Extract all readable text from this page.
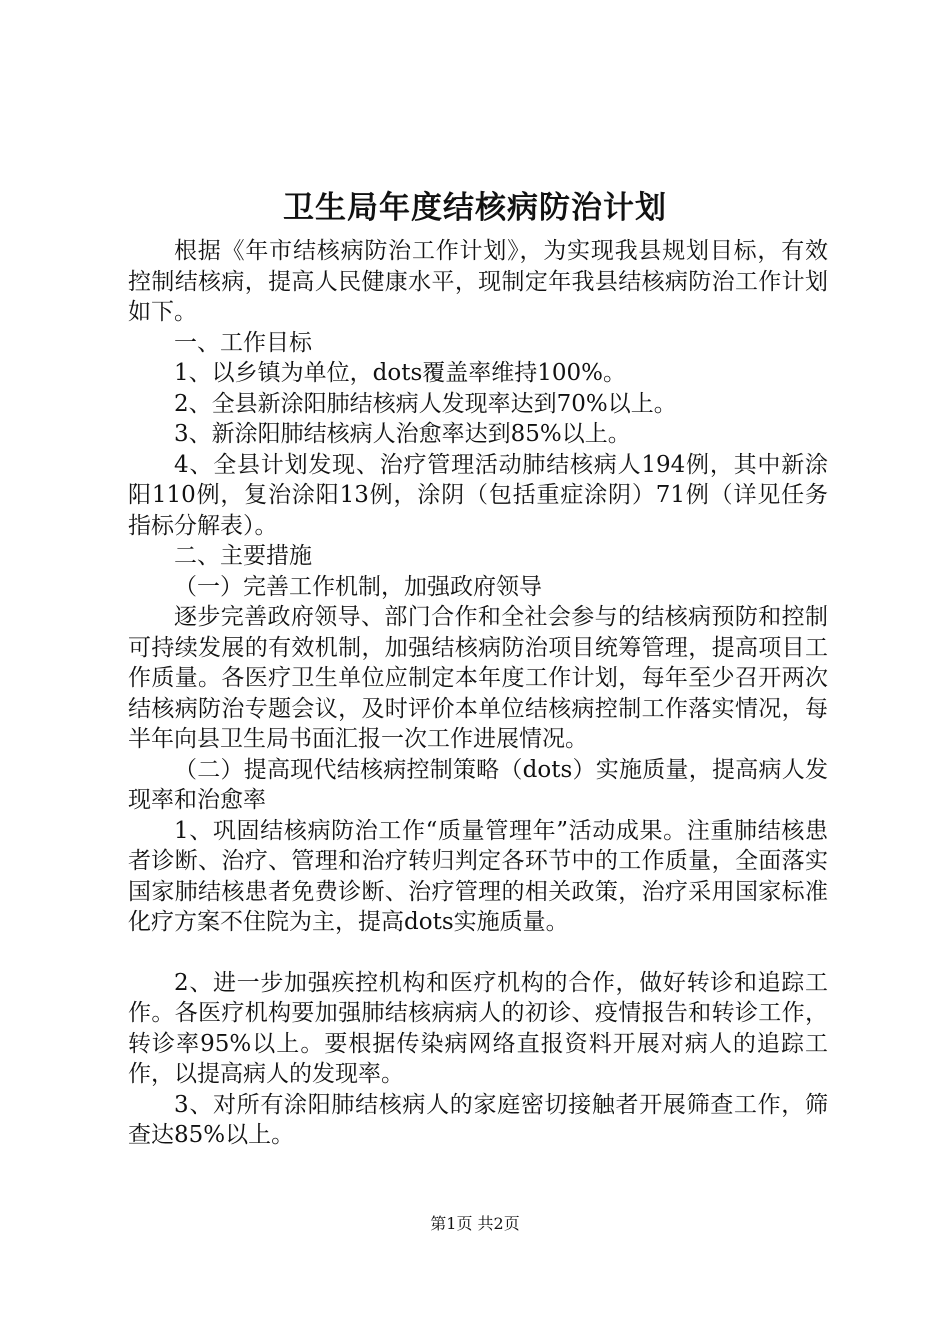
卫生局年度结核病防治计划

根据《年市结核病防治工作计划》，为实现我县规划目标，有效控制结核病，提高人民健康水平，现制定年我县结核病防治工作计划如下。

一、工作目标

1、以乡镇为单位，dots覆盖率维持100%。

2、全县新涂阳肺结核病人发现率达到70%以上。

3、新涂阳肺结核病人治愈率达到85%以上。

4、全县计划发现、治疗管理活动肺结核病人194例，其中新涂阳110例，复治涂阳13例，涂阴（包括重症涂阴）71例（详见任务指标分解表）。

二、主要措施

（一）完善工作机制，加强政府领导

逐步完善政府领导、部门合作和全社会参与的结核病预防和控制可持续发展的有效机制，加强结核病防治项目统筹管理，提高项目工作质量。各医疗卫生单位应制定本年度工作计划，每年至少召开两次结核病防治专题会议，及时评价本单位结核病控制工作落实情况，每半年向县卫生局书面汇报一次工作进展情况。

（二）提高现代结核病控制策略（dots）实施质量，提高病人发现率和治愈率

1、巩固结核病防治工作“质量管理年”活动成果。注重肺结核患者诊断、治疗、管理和治疗转归判定各环节中的工作质量，全面落实国家肺结核患者免费诊断、治疗管理的相关政策，治疗采用国家标准化疗方案不住院为主，提高dots实施质量。

2、进一步加强疾控机构和医疗机构的合作，做好转诊和追踪工作。各医疗机构要加强肺结核病病人的初诊、疫情报告和转诊工作，转诊率95%以上。要根据传染病网络直报资料开展对病人的追踪工作，以提高病人的发现率。

3、对所有涂阳肺结核病人的家庭密切接触者开展筛查工作，筛查达85%以上。

第1页 共2页
